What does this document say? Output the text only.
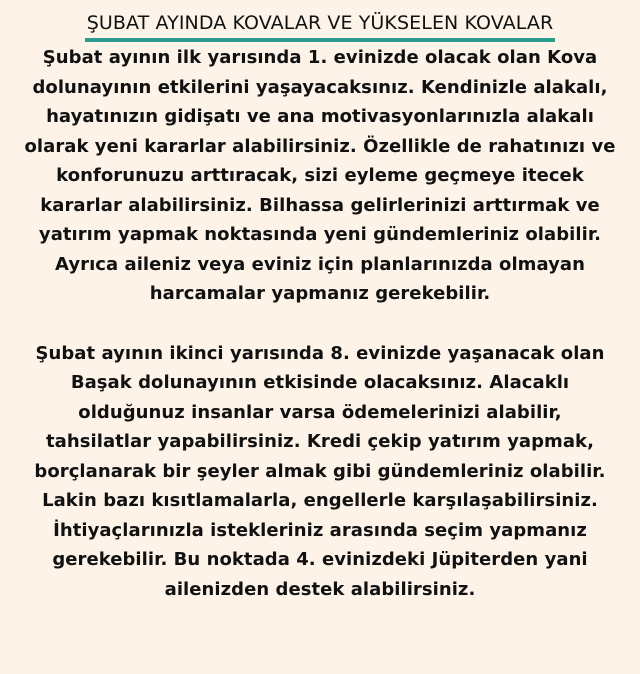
ŞUBAT AYINDA KOVALAR VE YÜKSELEN KOVALAR

Şubat ayının ilk yarısında 1. evinizde olacak olan Kova
dolunayının etkilerini yaşayacaksınız. Kendinizle alakalı,
hayatınızın gidişatı ve ana motivasyonlarınızla alakalı
olarak yeni kararlar alabilirsiniz. Özellikle de rahatınızı ve
konforunuzu arttıracak, sizi eyleme geçmeye itecek
kararlar alabilirsiniz. Bilhassa gelirlerinizi arttırmak ve
yatırım yapmak noktasında yeni gündemleriniz olabilir.
Ayrıca aileniz veya eviniz için planlarınızda olmayan
harcamalar yapmanız gerekebilir.

Şubat ayının ikinci yarısında 8. evinizde yaşanacak olan
Başak dolunayının etkisinde olacaksınız. Alacaklı
olduğunuz insanlar varsa ödemelerinizi alabilir,
tahsilatlar yapabilirsiniz. Kredi çekip yatırım yapmak,
borçlanarak bir şeyler almak gibi gündemleriniz olabilir.
Lakin bazı kısıtlamalarla, engellerle karşılaşabilirsiniz.
İhtiyaçlarınızla istekleriniz arasında seçim yapmanız
gerekebilir. Bu noktada 4. evinizdeki Jüpiterden yani
ailenizden destek alabilirsiniz.
